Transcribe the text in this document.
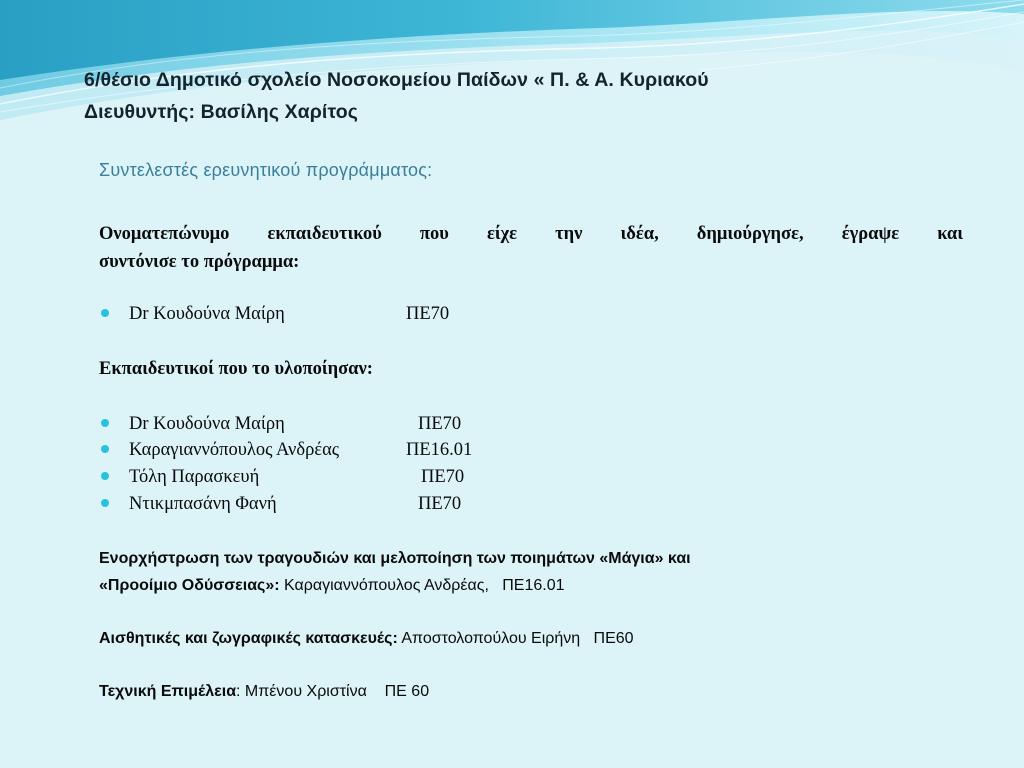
6/θέσιο Δημοτικό σχολείο Νοσοκομείου Παίδων « Π. & Α. Κυριακού
Διευθυντής: Βασίλης Χαρίτος
Συντελεστές ερευνητικού προγράμματος:
Ονοματεπώνυμο εκπαιδευτικού που είχε την ιδέα, δημιούργησε, έγραψε και
συντόνισε το πρόγραμμα:
Dr Κουδούνα Μαίρη	ΠΕ70
Εκπαιδευτικοί που το υλοποίησαν:
Dr Κουδούνα Μαίρη	ΠΕ70
Καραγιαννόπουλος Ανδρέας	ΠΕ16.01
Τόλη Παρασκευή	ΠΕ70
Ντικμπασάνη Φανή	ΠΕ70
Ενορχήστρωση των τραγουδιών και μελοποίηση των ποιημάτων «Μάγια» και
«Προοίμιο Οδύσσειας»: Καραγιαννόπουλος Ανδρέας,   ΠΕ16.01
Αισθητικές και ζωγραφικές κατασκευές: Αποστολοπούλου Ειρήνη   ΠΕ60
Τεχνική Επιμέλεια: Μπένου Χριστίνα    ΠΕ 60
